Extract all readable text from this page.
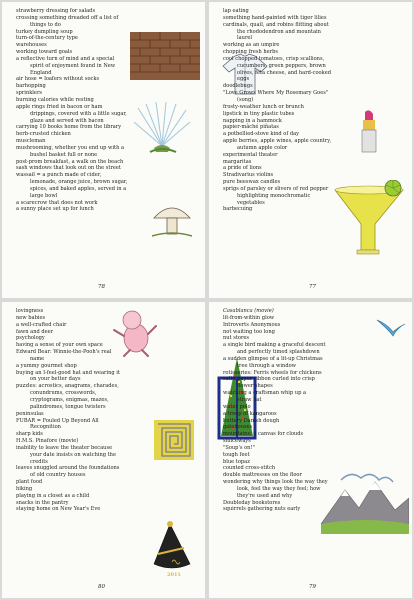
strawberry dressing for salads
crossing something dreaded off a list of
things to do
turkey dumpling soup
turn-of-the-century type
warehouses
working toward goals
a reflective turn of mind and a special
spirit of enjoyment found in New
England
air hose = loafers without socks
barhopping
sprinklers
burning calories while resting
apple rings fried in bacon or ham
drippings, covered with a little sugar,
glaze and served with bacon
carrying 10 books home from the library
herb-crusted chicken
muscleman
mushrooming, whether you end up with a
bushel basket full or none
post-prom breakfast, a walk on the beach
sash windows that look out on the street
wassail = a punch made of cider,
lemonade, orange juice, brown sugar,
spices, and baked apples, served in a
large bowl
a scarecrow that does not work
a sunny place set up for lunch
78
lap eating
something hand-painted with tiger lilies
cardinals, quail, and robins flitting about
the rhododendron and mountain
laurel
working as an umpire
chopping fresh herbs
cool chopped tomatoes, crisp scallions,
cucumbers, green peppers, brown
olives, feta cheese, and hard-cooked
eggs
doodlebugs
"Love Grows Where My Rosemary Goes"
(song)
frosty-weather lunch or brunch
lipstick in tiny plastic tubes
napping in a hammock
papier-mâché piñatas
a potbellied-stove kind of day
apple berries, apple wines, apple country,
autumn apple color
experimental theater
margaritas
a pride of lions
Stradivarius violins
pure beeswax candles
sprigs of parsley or slivers of red pepper
highlighting monochromatic
vegetables
barbecuing
77
lovingness
new babies
a well-crafted chair
fawn and deer
psychology
having a sense of your own space
Edward Bear: Winnie-the-Pooh's real
name
a yummy gourmet shop
buying an I-feel-good hat and wearing it
on your better days
puzzles: acrostics, anagrams, charades,
conundrums, crosswords,
cryptograms, enigmas, mazes,
palindromes, tongue twisters
peninsulas
FUBAR = Fouled Up Beyond All
Recognition
sharp kids
H.M.S. Pinafore (movie)
inability to leave the theater because
your date insists on watching the
credits
leaves snuggled around the foundations
of old country houses
plant food
hiking
playing in a closet as a child
snacks in the pantry
staying home on New Year's Eve
2011
80
Casablanca (movie)
lit-from-within glow
Introverts Anonymous
not waiting too long
nut stores
a single bird making a graceful descent
and perfectly timed splashdown
a sudden glimpse of a lit-up Christmas
tree through a window
rotisseries: Ferris wheels for chickens
satin paper ribbon curled into crisp
flower shapes
watching a craftsman whip up a
straw hat
water polo
a troop of kangaroos
buttery Danish dough
gatehouses
mountains: a canvas for clouds
sluiceways
"Soup's on!"
tough feet
blue topaz
counted cross-stitch
double mattresses on the floor
wondering why things look the way they
look, feel the way they feel; how
they're used and why
Doubleday bookstores
squirrels gathering nuts early
79
